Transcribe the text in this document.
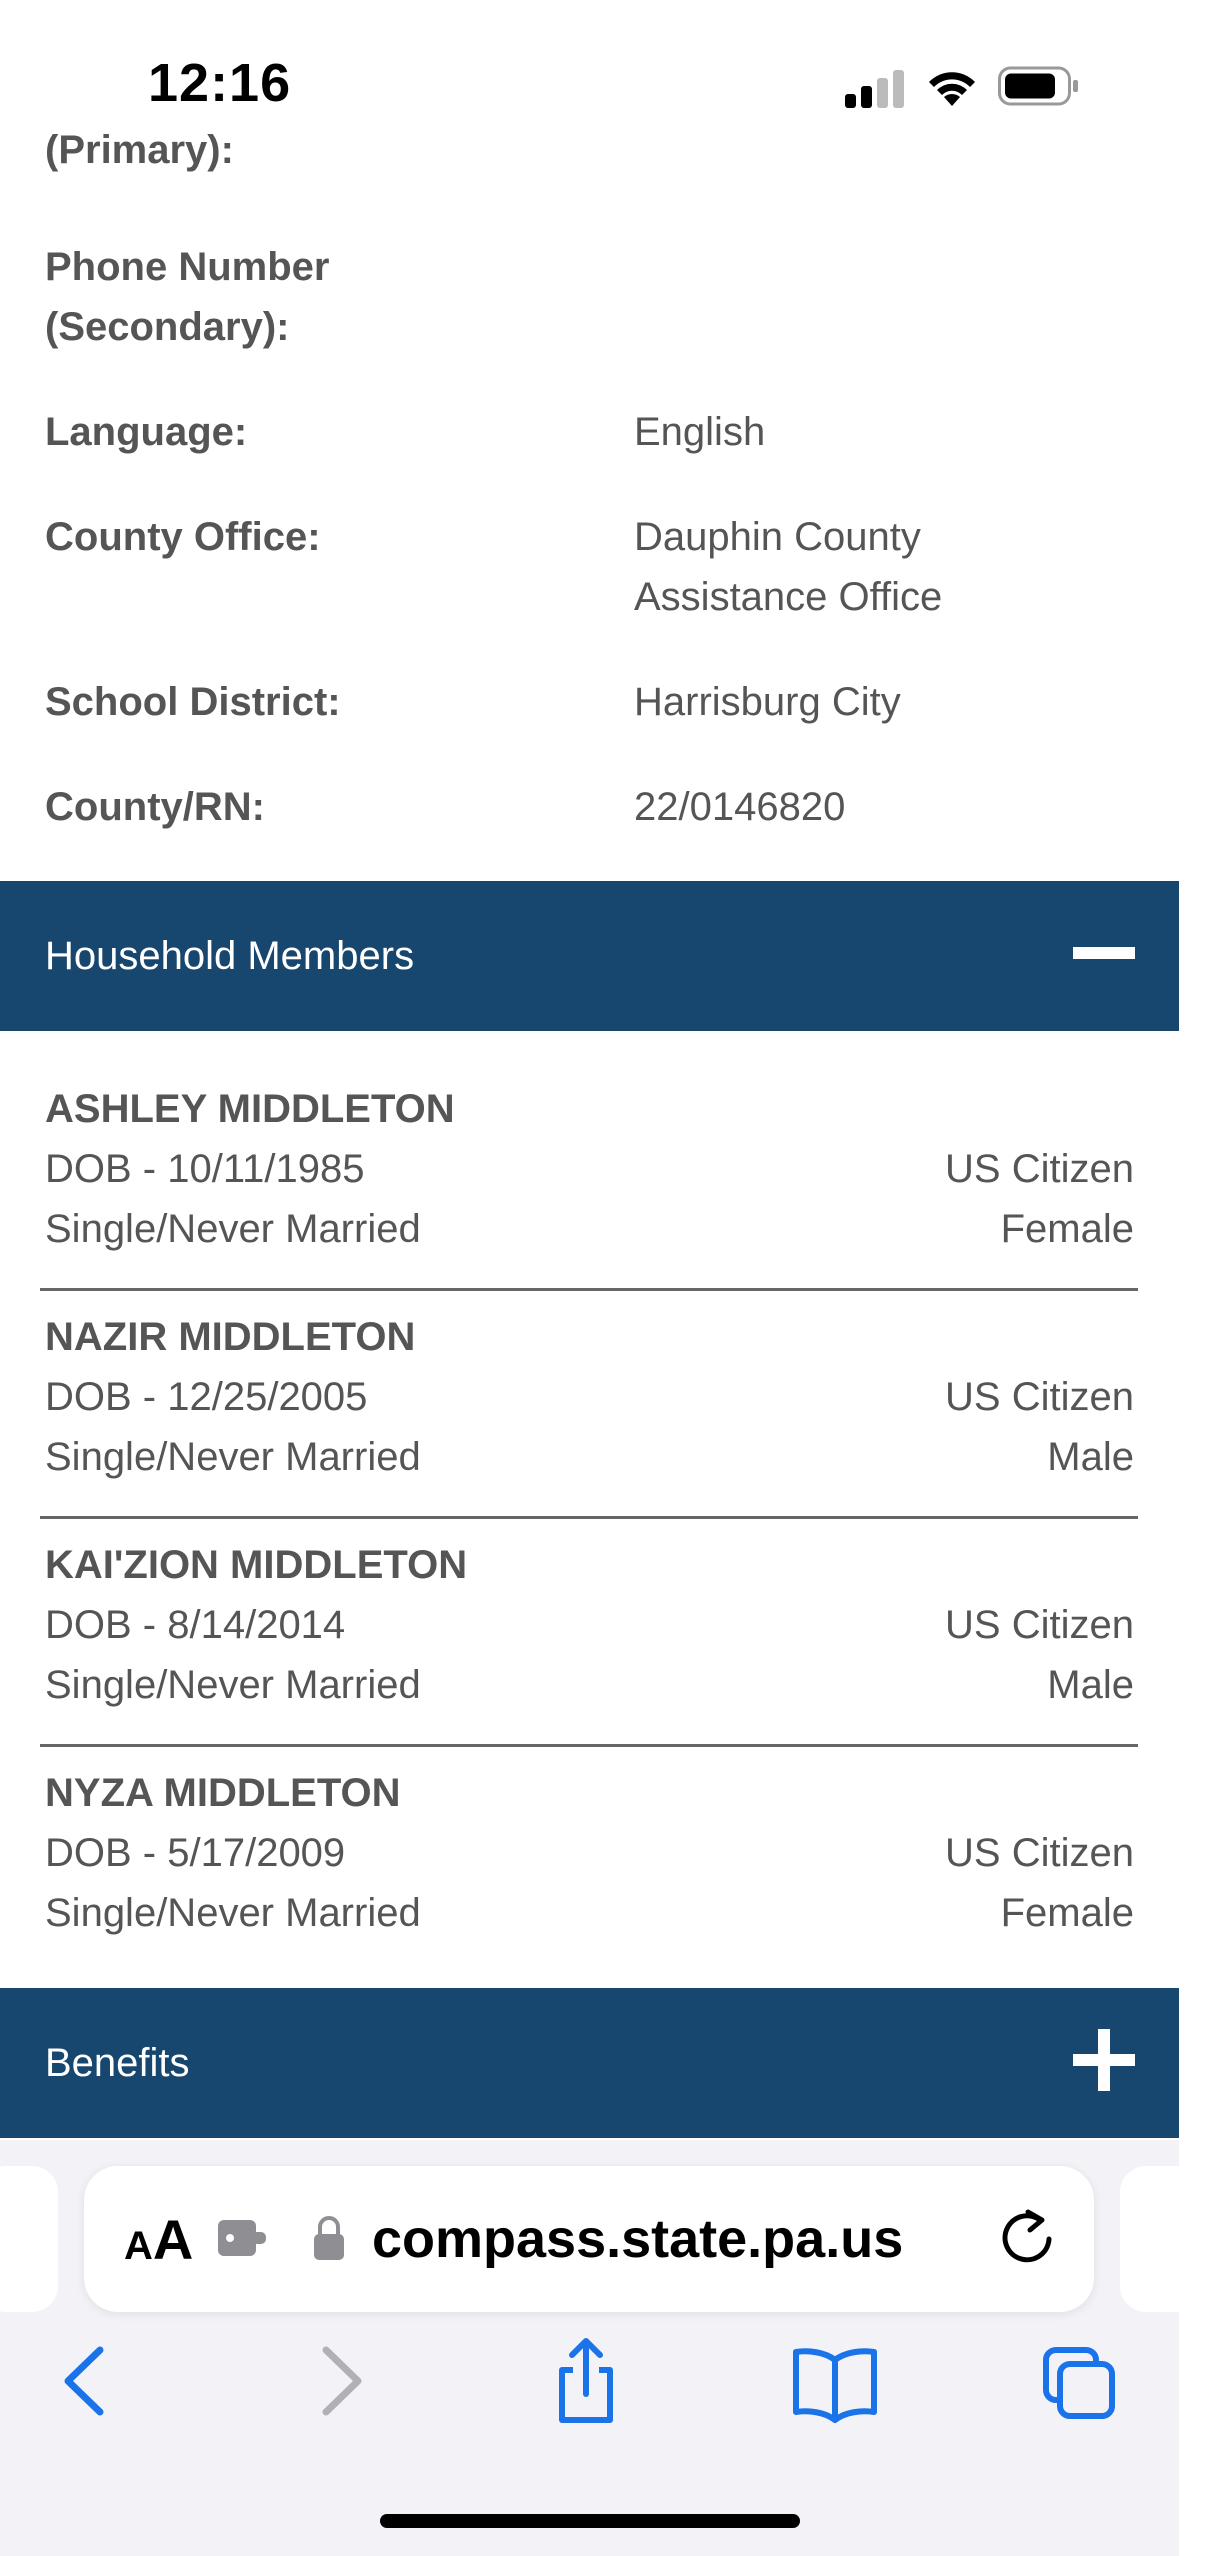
12:16
(Primary):
Phone Number
(Secondary):
Language:	English
County Office:	Dauphin County
Assistance Office
School District:	Harrisburg City
County/RN:	22/0146820
Household Members
ASHLEY MIDDLETON
DOB - 10/11/1985
Single/Never Married
US Citizen
Female
NAZIR MIDDLETON
DOB - 12/25/2005
Single/Never Married
US Citizen
Male
KAI'ZION MIDDLETON
DOB - 8/14/2014
Single/Never Married
US Citizen
Male
NYZA MIDDLETON
DOB - 5/17/2009
Single/Never Married
US Citizen
Female
Benefits
AA	compass.state.pa.us
